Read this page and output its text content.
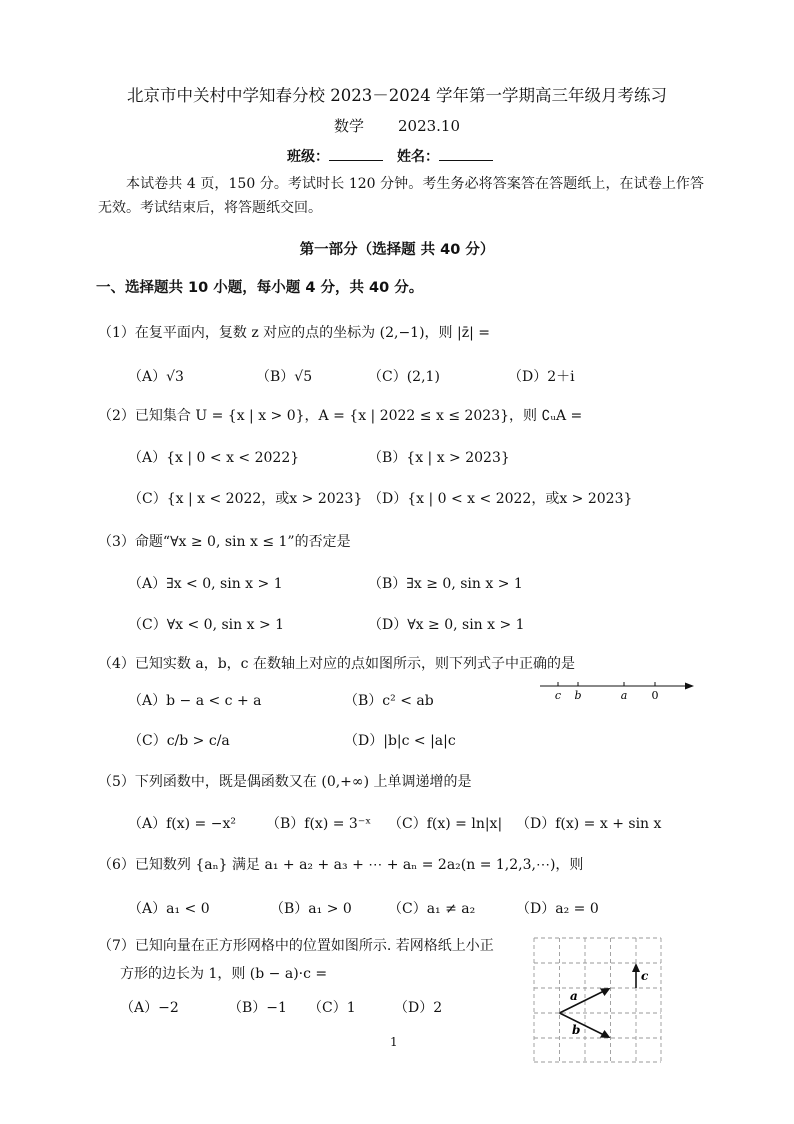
北京市中关村中学知春分校 2023－2024 学年第一学期高三年级月考练习
数学 2023.10
班级：	姓名：
本试卷共 4 页，150 分。考试时长 120 分钟。考生务必将答案答在答题纸上，在试卷上作答无效。考试结束后，将答题纸交回。
第一部分（选择题 共 40 分）
一、选择题共 10 小题，每小题 4 分，共 40 分。
（1）在复平面内，复数 z 对应的点的坐标为 (2,−1)，则 |z̄| =
（A）√3	（B）√5	（C）(2,1)	（D）2＋i
（2）已知集合 U = {x | x > 0}，A = {x | 2022 ≤ x ≤ 2023}，则 ∁ᵤA =
（A）{x | 0 < x < 2022}	（B）{x | x > 2023}
（C）{x | x < 2022，或x > 2023} （D）{x | 0 < x < 2022，或x > 2023}
（3）命题“∀x ≥ 0, sin x ≤ 1”的否定是
（A）∃x < 0, sin x > 1	（B）∃x ≥ 0, sin x > 1
（C）∀x < 0, sin x > 1	（D）∀x ≥ 0, sin x > 1
（4）已知实数 a，b，c 在数轴上对应的点如图所示，则下列式子中正确的是
（A）b − a < c + a	（B）c² < ab
（C）c/b > c/a	（D）|b|c < |a|c
c b	a 0
（5）下列函数中，既是偶函数又在 (0,+∞) 上单调递增的是
（A）f(x) = −x² （B）f(x) = 3⁻ˣ （C）f(x) = ln|x| （D）f(x) = x + sin x
（6）已知数列 {aₙ} 满足 a₁ + a₂ + a₃ + ⋯ + aₙ = 2a₂(n = 1,2,3,⋯)，则
（A）a₁ < 0	（B）a₁ > 0	（C）a₁ ≠ a₂	（D）a₂ = 0
（7）已知向量在正方形网格中的位置如图所示. 若网格纸上小正
方形的边长为 1，则 (b − a)·c =
（A）−2	（B）−1 （C）1	（D）2
a
b
c
1
